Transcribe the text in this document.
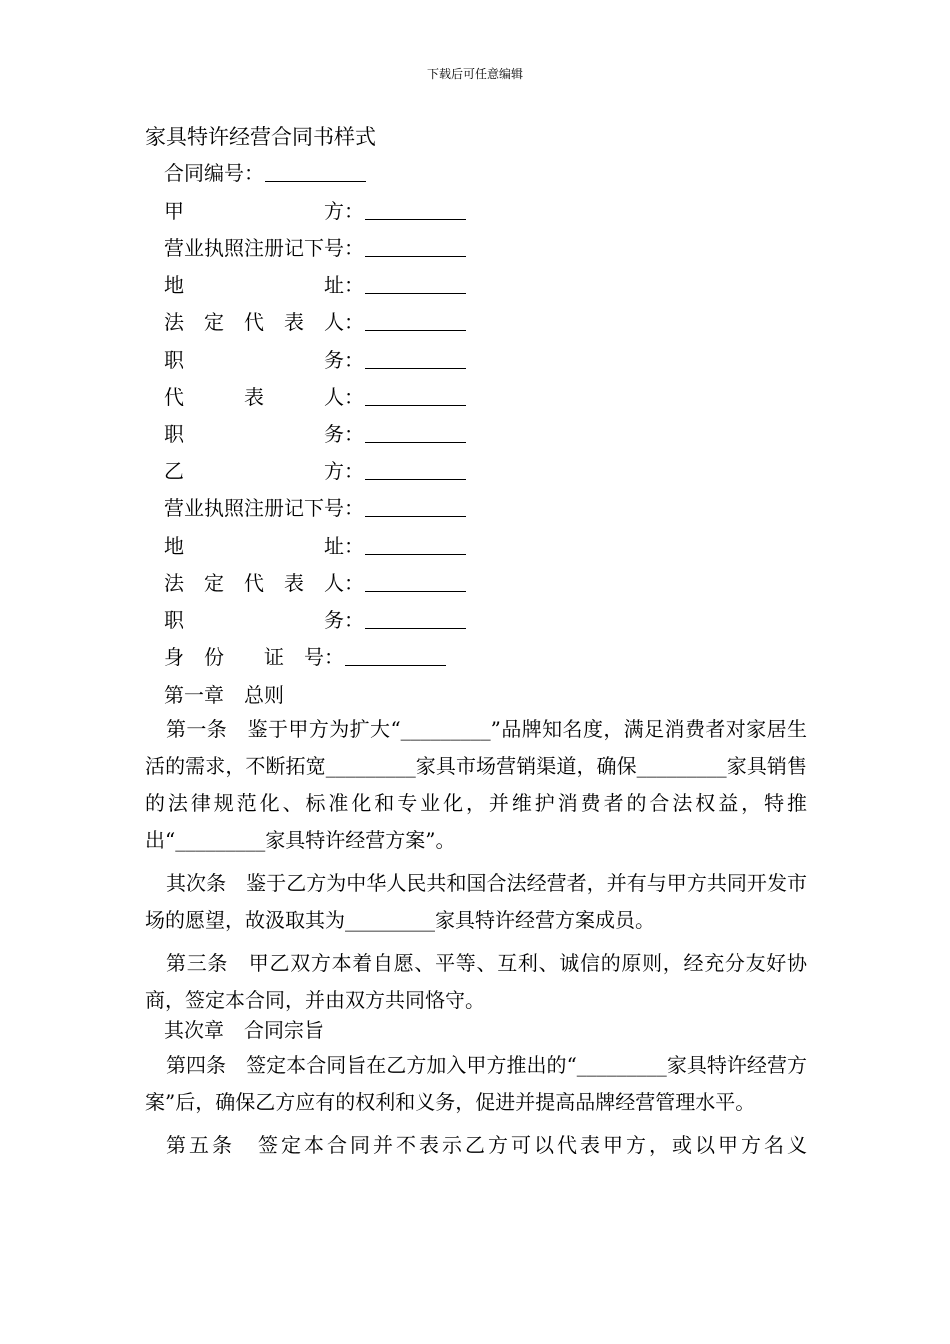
下载后可任意编辑
家具特许经营合同书样式
合同编号：
甲　　　　　　　方：
营业执照注册记下号：
地　　　　　　　址：
法　定　代　表　人：
职　　　　　　　务：
代　　　表　　　人：
职　　　　　　　务：
乙　　　　　　　方：
营业执照注册记下号：
地　　　　　　　址：
法　定　代　表　人：
职　　　　　　　务：
身　份　　证　号：
第一章　总则

第一条　鉴于甲方为扩大“_________”品牌知名度，满足消费者对家居生活的需求，不断拓宽_________家具市场营销渠道，确保_________家具销售的法律规范化、标准化和专业化，并维护消费者的合法权益，特推出“_________家具特许经营方案”。

其次条　鉴于乙方为中华人民共和国合法经营者，并有与甲方共同开发市场的愿望，故汲取其为_________家具特许经营方案成员。

第三条　甲乙双方本着自愿、平等、互利、诚信的原则，经充分友好协商，签定本合同，并由双方共同恪守。

其次章　合同宗旨

第四条　签定本合同旨在乙方加入甲方推出的“_________家具特许经营方案”后，确保乙方应有的权利和义务，促进并提高品牌经营管理水平。

第五条　签定本合同并不表示乙方可以代表甲方，或以甲方名义
